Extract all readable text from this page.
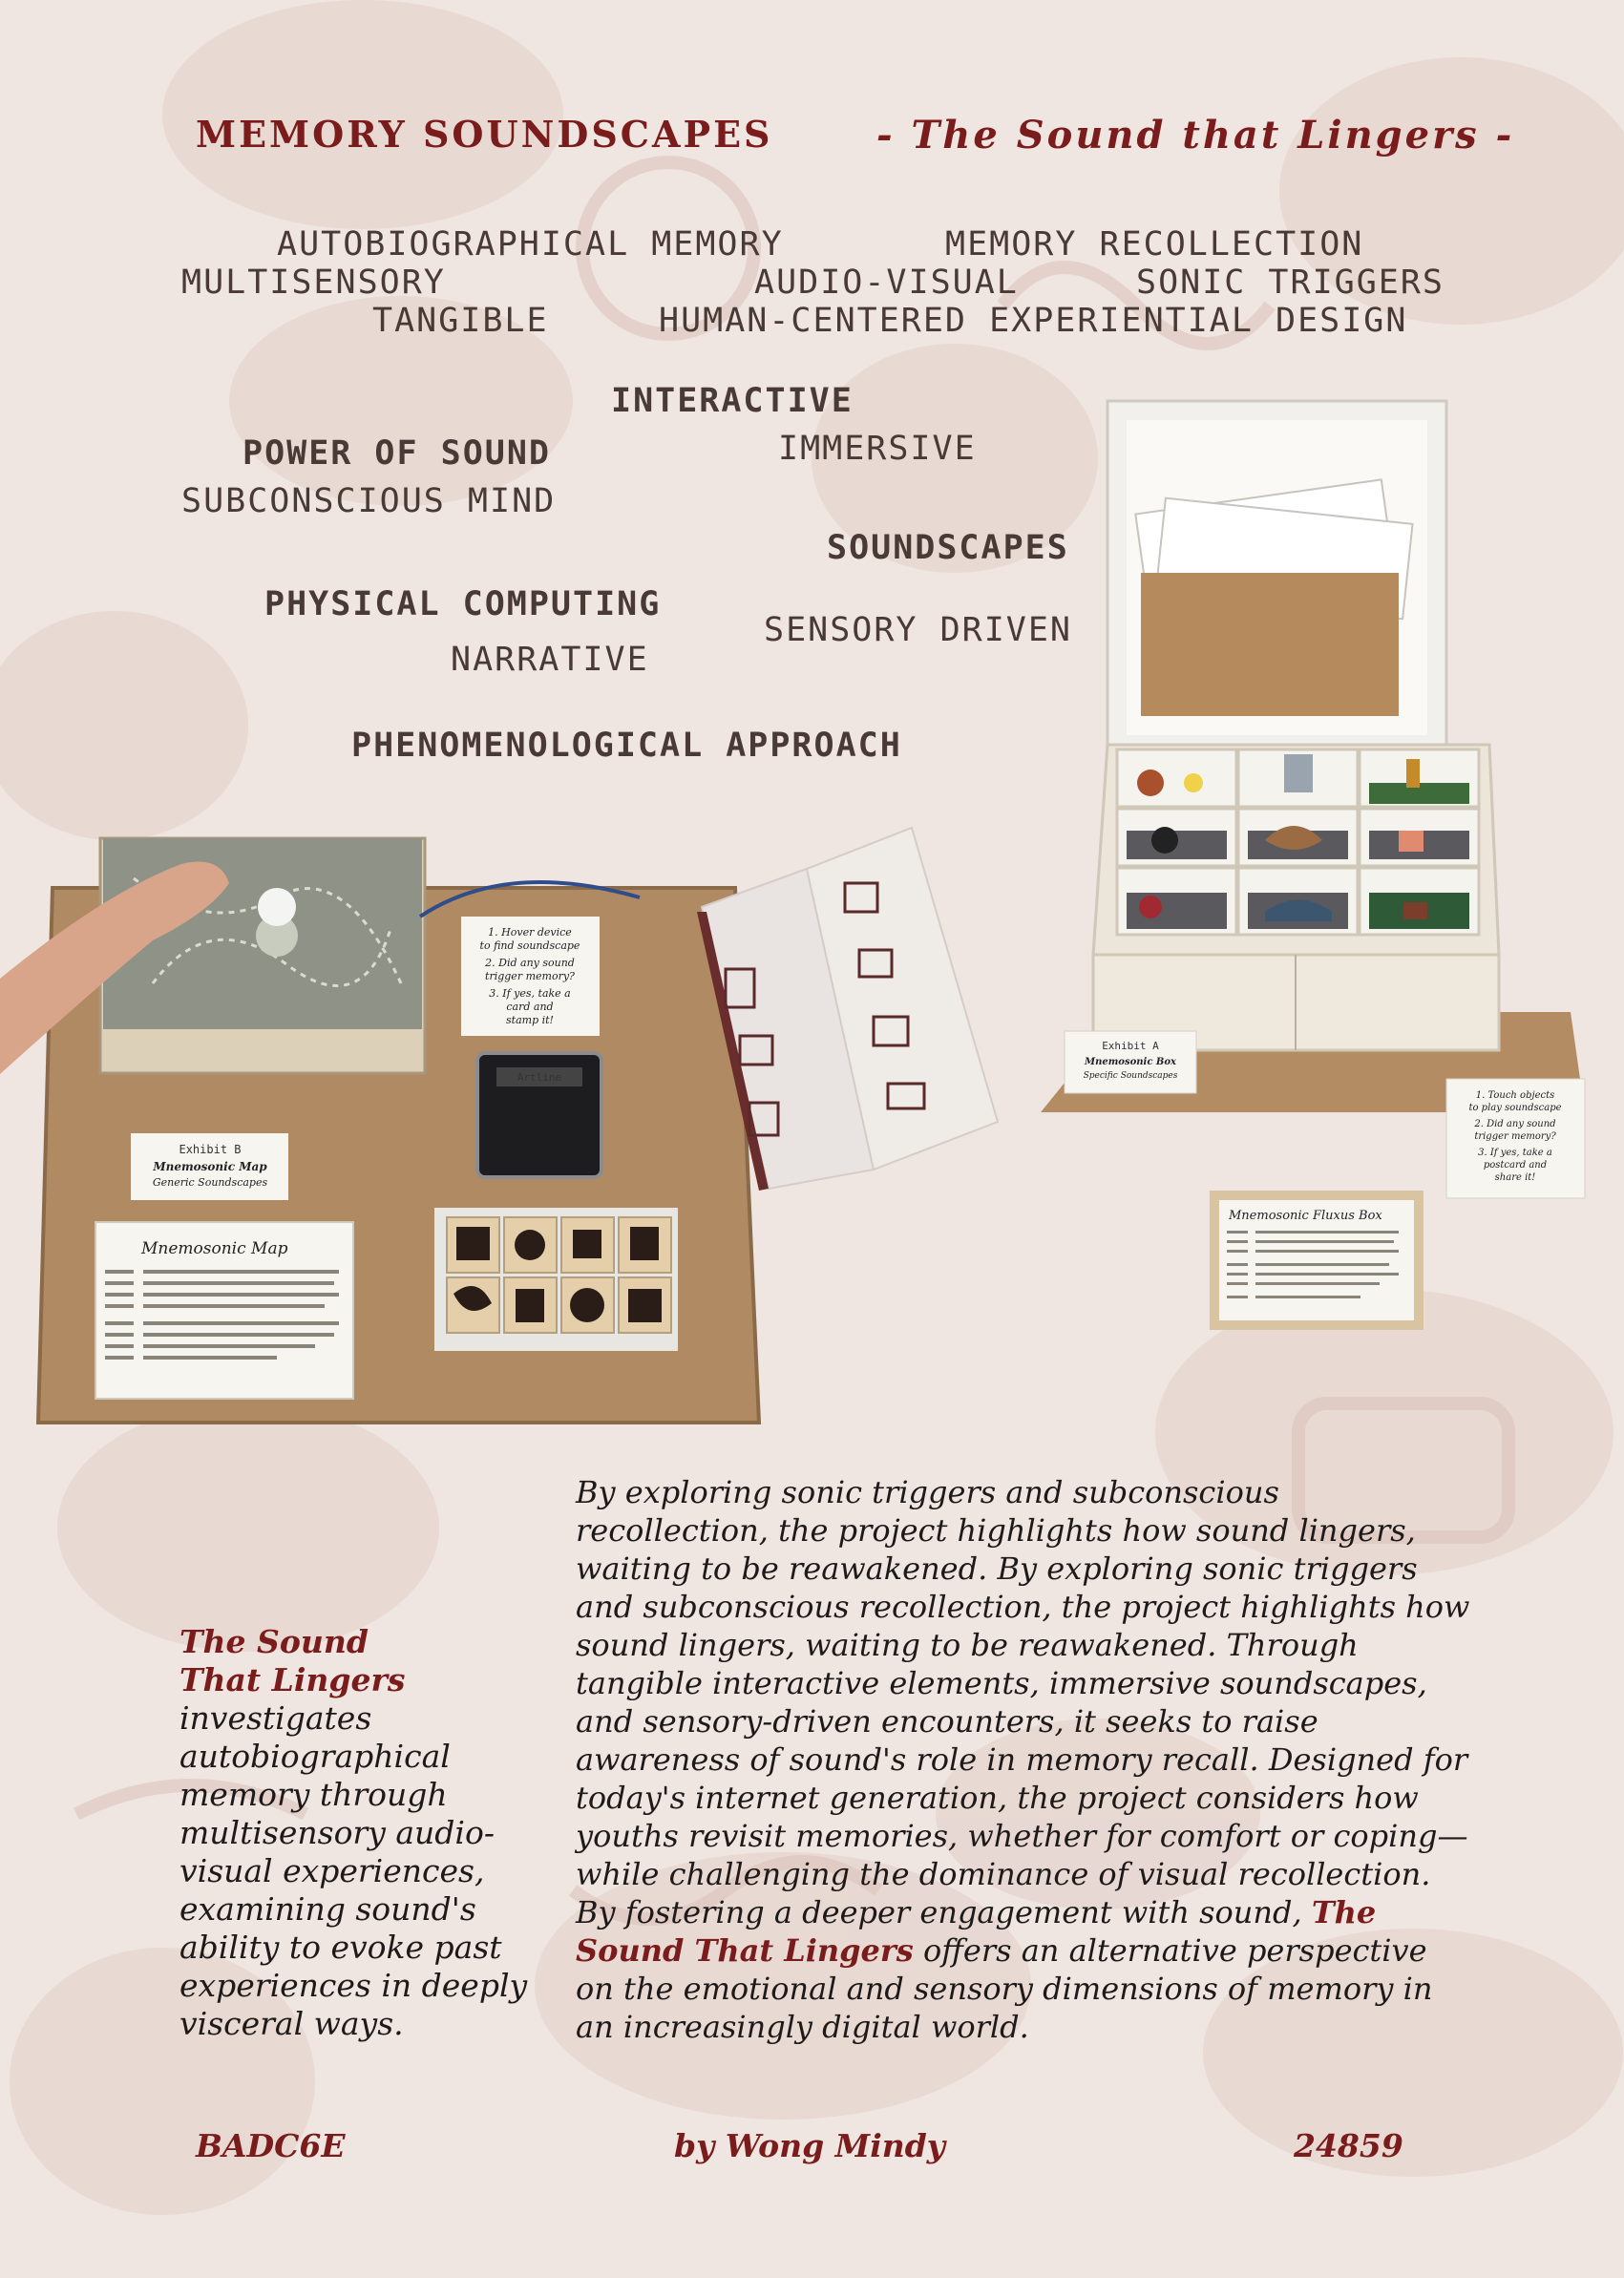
MEMORY SOUNDSCAPES	- The Sound that Lingers -
AUTOBIOGRAPHICAL MEMORY	MEMORY RECOLLECTION
MULTISENSORY	AUDIO-VISUAL	SONIC TRIGGERS
TANGIBLE	HUMAN-CENTERED EXPERIENTIAL DESIGN
INTERACTIVE
POWER OF SOUND	IMMERSIVE
SUBCONSCIOUS MIND
SOUNDSCAPES
PHYSICAL COMPUTING
SENSORY DRIVEN
NARRATIVE
PHENOMENOLOGICAL APPROACH
1. Hover device
to find soundscape
2. Did any sound
trigger memory?
3. If yes, take a
card and
stamp it!
Artline
Exhibit B
Mnemosonic Map
Generic Soundscapes
Mnemosonic Map
Exhibit A
Mnemosonic Box
Specific Soundscapes
1. Touch objects
to play soundscape
2. Did any sound
trigger memory?
3. If yes, take a
postcard and
share it!
Mnemosonic Fluxus Box
The Sound
That Lingers
investigates autobiographical memory through multisensory audio-visual experiences, examining sound's ability to evoke past experiences in deeply visceral ways.
By exploring sonic triggers and subconscious recollection, the project highlights how sound lingers, waiting to be reawakened. By exploring sonic triggers and subconscious recollection, the project highlights how sound lingers, waiting to be reawakened. Through tangible interactive elements, immersive soundscapes, and sensory-driven encounters, it seeks to raise awareness of sound's role in memory recall. Designed for today's internet generation, the project considers how youths revisit memories, whether for comfort or coping—while challenging the dominance of visual recollection. By fostering a deeper engagement with sound, The Sound That Lingers offers an alternative perspective on the emotional and sensory dimensions of memory in an increasingly digital world.
BADC6E	by Wong Mindy	24859
